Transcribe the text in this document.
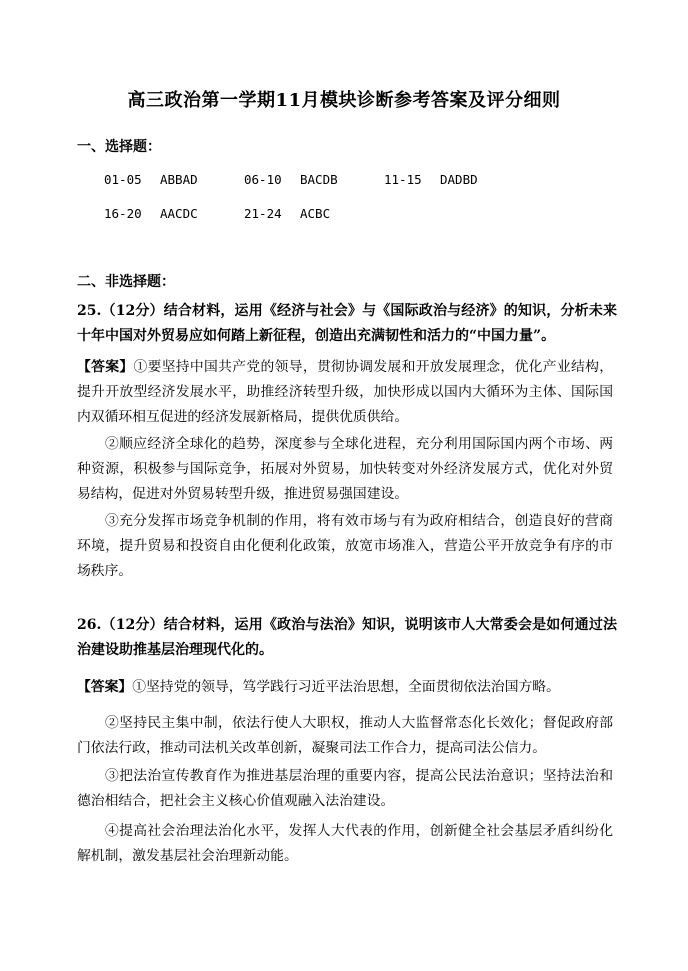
高三政治第一学期11月模块诊断参考答案及评分细则
一、选择题：
01-05	ABBAD	06-10	BACDB	11-15	DADBD
16-20	AACDC	21-24	ACBC
二、非选择题：
25.（12分）结合材料，运用《经济与社会》与《国际政治与经济》的知识，分析未来十年中国对外贸易应如何踏上新征程，创造出充满韧性和活力的“中国力量”。
【答案】①要坚持中国共产党的领导，贯彻协调发展和开放发展理念，优化产业结构，提升开放型经济发展水平，助推经济转型升级，加快形成以国内大循环为主体、国际国内双循环相互促进的经济发展新格局，提供优质供给。
②顺应经济全球化的趋势，深度参与全球化进程，充分利用国际国内两个市场、两种资源，积极参与国际竞争，拓展对外贸易，加快转变对外经济发展方式，优化对外贸易结构，促进对外贸易转型升级，推进贸易强国建设。
③充分发挥市场竞争机制的作用，将有效市场与有为政府相结合，创造良好的营商环境，提升贸易和投资自由化便利化政策，放宽市场准入，营造公平开放竞争有序的市场秩序。
26.（12分）结合材料，运用《政治与法治》知识，说明该市人大常委会是如何通过法治建设助推基层治理现代化的。
【答案】①坚持党的领导，笃学践行习近平法治思想，全面贯彻依法治国方略。
②坚持民主集中制，依法行使人大职权，推动人大监督常态化长效化；督促政府部门依法行政，推动司法机关改革创新，凝聚司法工作合力，提高司法公信力。
③把法治宣传教育作为推进基层治理的重要内容，提高公民法治意识；坚持法治和德治相结合，把社会主义核心价值观融入法治建设。
④提高社会治理法治化水平，发挥人大代表的作用，创新健全社会基层矛盾纠纷化解机制，激发基层社会治理新动能。
